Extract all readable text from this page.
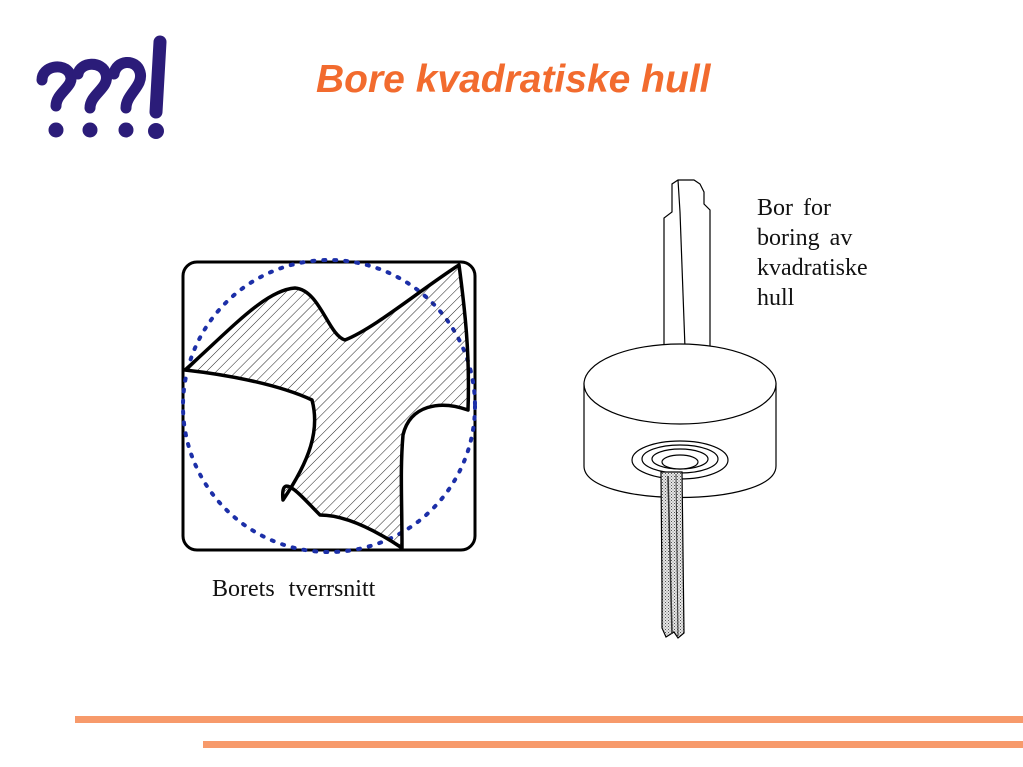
Bore kvadratiske hull
Borets tverrsnitt
Bor for
boring av
kvadratiske
hull
